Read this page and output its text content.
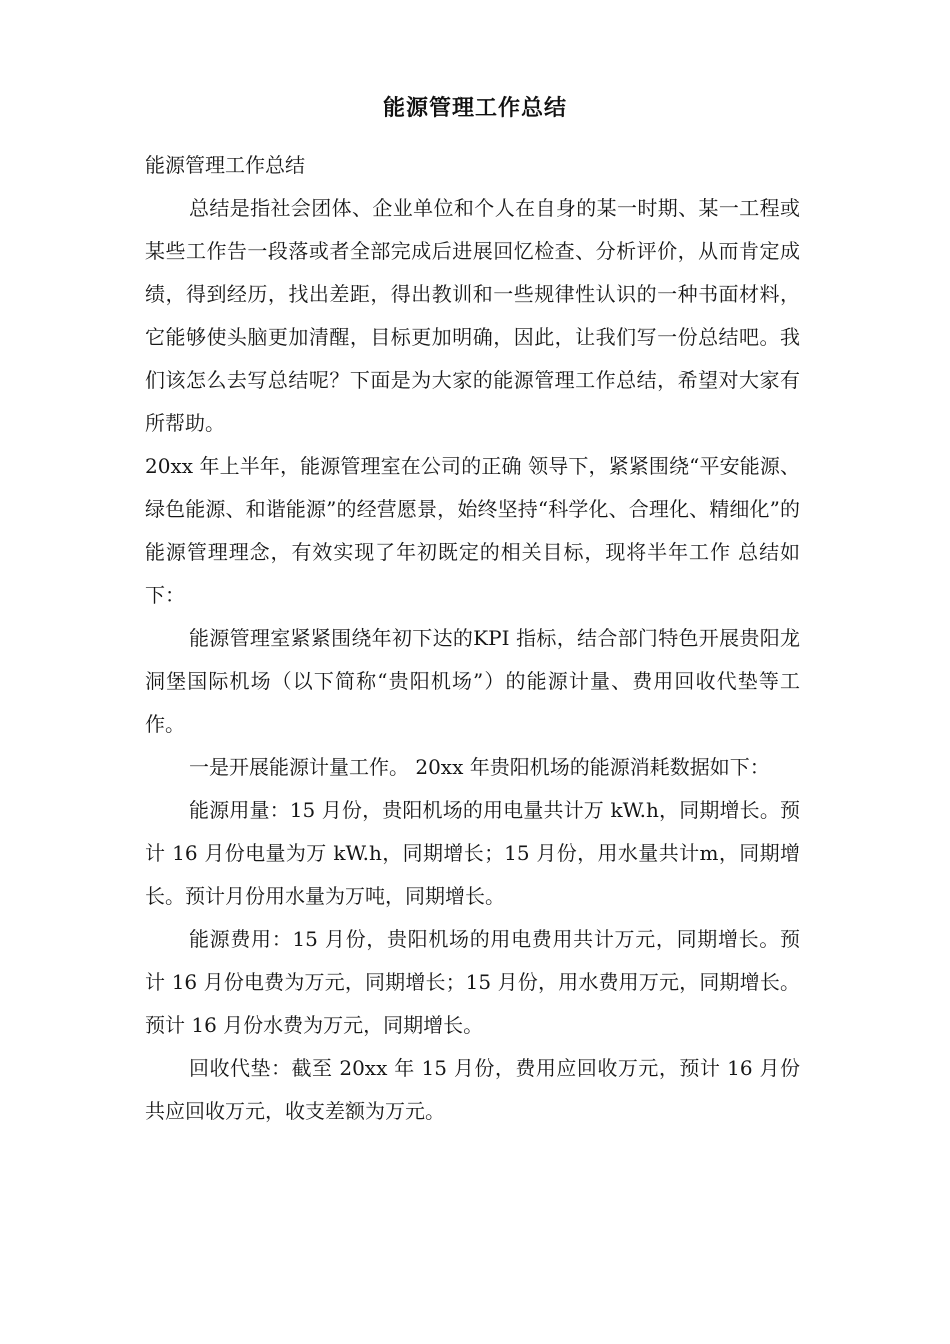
能源管理工作总结

能源管理工作总结

总结是指社会团体、企业单位和个人在自身的某一时期、某一工程或某些工作告一段落或者全部完成后进展回忆检查、分析评价，从而肯定成绩，得到经历，找出差距，得出教训和一些规律性认识的一种书面材料，它能够使头脑更加清醒，目标更加明确，因此，让我们写一份总结吧。我们该怎么去写总结呢？下面是为大家的能源管理工作总结，希望对大家有所帮助。

20xx 年上半年，能源管理室在公司的正确 领导下，紧紧围绕“平安能源、绿色能源、和谐能源”的经营愿景，始终坚持“科学化、合理化、精细化”的能源管理理念，有效实现了年初既定的相关目标，现将半年工作 总结如下：

能源管理室紧紧围绕年初下达的KPI 指标，结合部门特色开展贵阳龙洞堡国际机场（以下简称“贵阳机场”）的能源计量、费用回收代垫等工作。

一是开展能源计量工作。 20xx 年贵阳机场的能源消耗数据如下：

能源用量：15 月份，贵阳机场的用电量共计万 kW.h，同期增长。预计 16 月份电量为万 kW.h，同期增长；15 月份，用水量共计m，同期增长。预计月份用水量为万吨，同期增长。

能源费用：15 月份，贵阳机场的用电费用共计万元，同期增长。预计 16 月份电费为万元，同期增长；15 月份，用水费用万元，同期增长。预计 16 月份水费为万元，同期增长。

回收代垫：截至 20xx 年 15 月份，费用应回收万元，预计 16 月份共应回收万元，收支差额为万元。
